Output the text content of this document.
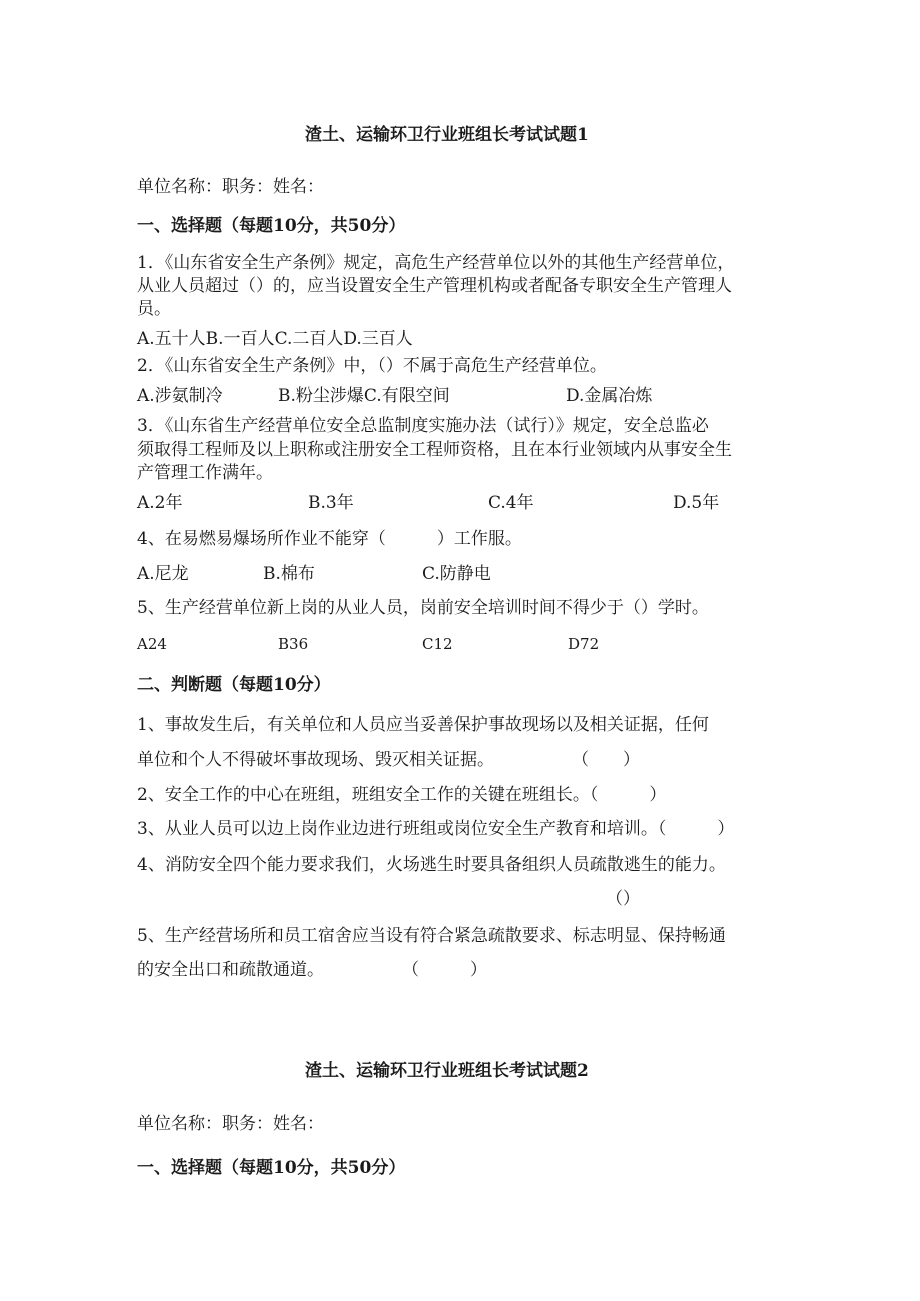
渣土、运输环卫行业班组长考试试题1
单位名称：职务：姓名：
一、选择题（每题10分，共50分）
1．《山东省安全生产条例》规定，高危生产经营单位以外的其他生产经营单位，
从业人员超过（）的，应当设置安全生产管理机构或者配备专职安全生产管理人
员。
A.五十人B.一百人C.二百人D.三百人
2．《山东省安全生产条例》中，（）不属于高危生产经营单位。
A.涉氨制冷	B.粉尘涉爆C.有限空间	D.金属冶炼
3．《山东省生产经营单位安全总监制度实施办法（试行）》规定，安全总监必
须取得工程师及以上职称或注册安全工程师资格，且在本行业领域内从事安全生
产管理工作满年。
A.2年	B.3年	C.4年	D.5年
4、在易燃易爆场所作业不能穿（　　　）工作服。
A.尼龙	B.棉布	C.防静电
5、生产经营单位新上岗的从业人员，岗前安全培训时间不得少于（）学时。
A24	B36	C12	D72
二、判断题（每题10分）
1、事故发生后，有关单位和人员应当妥善保护事故现场以及相关证据，任何
单位和个人不得破坏事故现场、毁灭相关证据。	（　　）
2、安全工作的中心在班组，班组安全工作的关键在班组长。（　　　）
3、从业人员可以边上岗作业边进行班组或岗位安全生产教育和培训。（　　　）
4、消防安全四个能力要求我们，火场逃生时要具备组织人员疏散逃生的能力。
（）
5、生产经营场所和员工宿舍应当设有符合紧急疏散要求、标志明显、保持畅通
的安全出口和疏散通道。	（　　　）
渣土、运输环卫行业班组长考试试题2
单位名称：职务：姓名：
一、选择题（每题10分，共50分）
